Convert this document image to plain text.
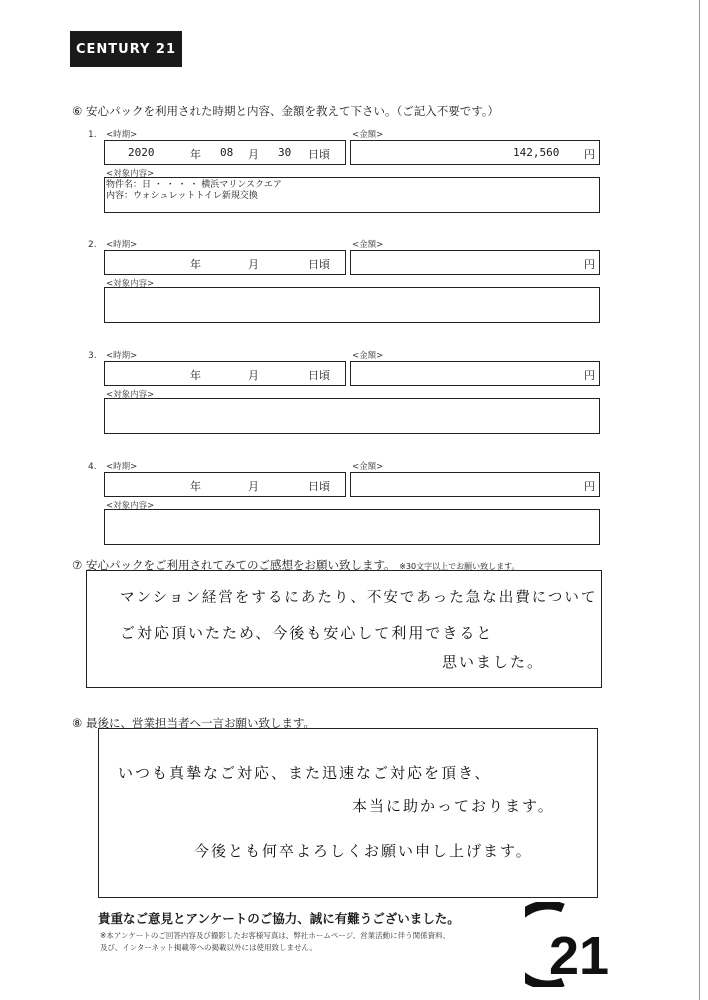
CENTURY 21
⑥ 安心パックを利用された時期と内容、金額を教えて下さい。（ご記入不要です。）
1. <時期>	<金額>
2020	年 08 月 30 日頃	142,560 円
<対象内容>
物件名：日 ・ ・ ・ ・ 横浜マリンスクエア
内容：ウォシュレットトイレ新規交換
2. <時期>	<金額>
年	月	日頃	円
<対象内容>
3. <時期>	<金額>
年	月	日頃	円
<対象内容>
4. <時期>	<金額>
年	月	日頃	円
<対象内容>
⑦ 安心パックをご利用されてみてのご感想をお願い致します。 ※30文字以上でお願い致します。
マンション経営をするにあたり、不安であった急な出費について
ご対応頂いたため、今後も安心して利用できると
思いました。
⑧ 最後に、営業担当者へ一言お願い致します。
いつも真摯なご対応、また迅速なご対応を頂き、
本当に助かっております。
今後とも何卒よろしくお願い申し上げます。
貴重なご意見とアンケートのご協力、誠に有難うございました。
※本アンケートのご回答内容及び撮影したお客様写真は、弊社ホームページ、営業活動に伴う関係資料、
及び、インターネット掲載等への掲載以外には使用致しません。	21
